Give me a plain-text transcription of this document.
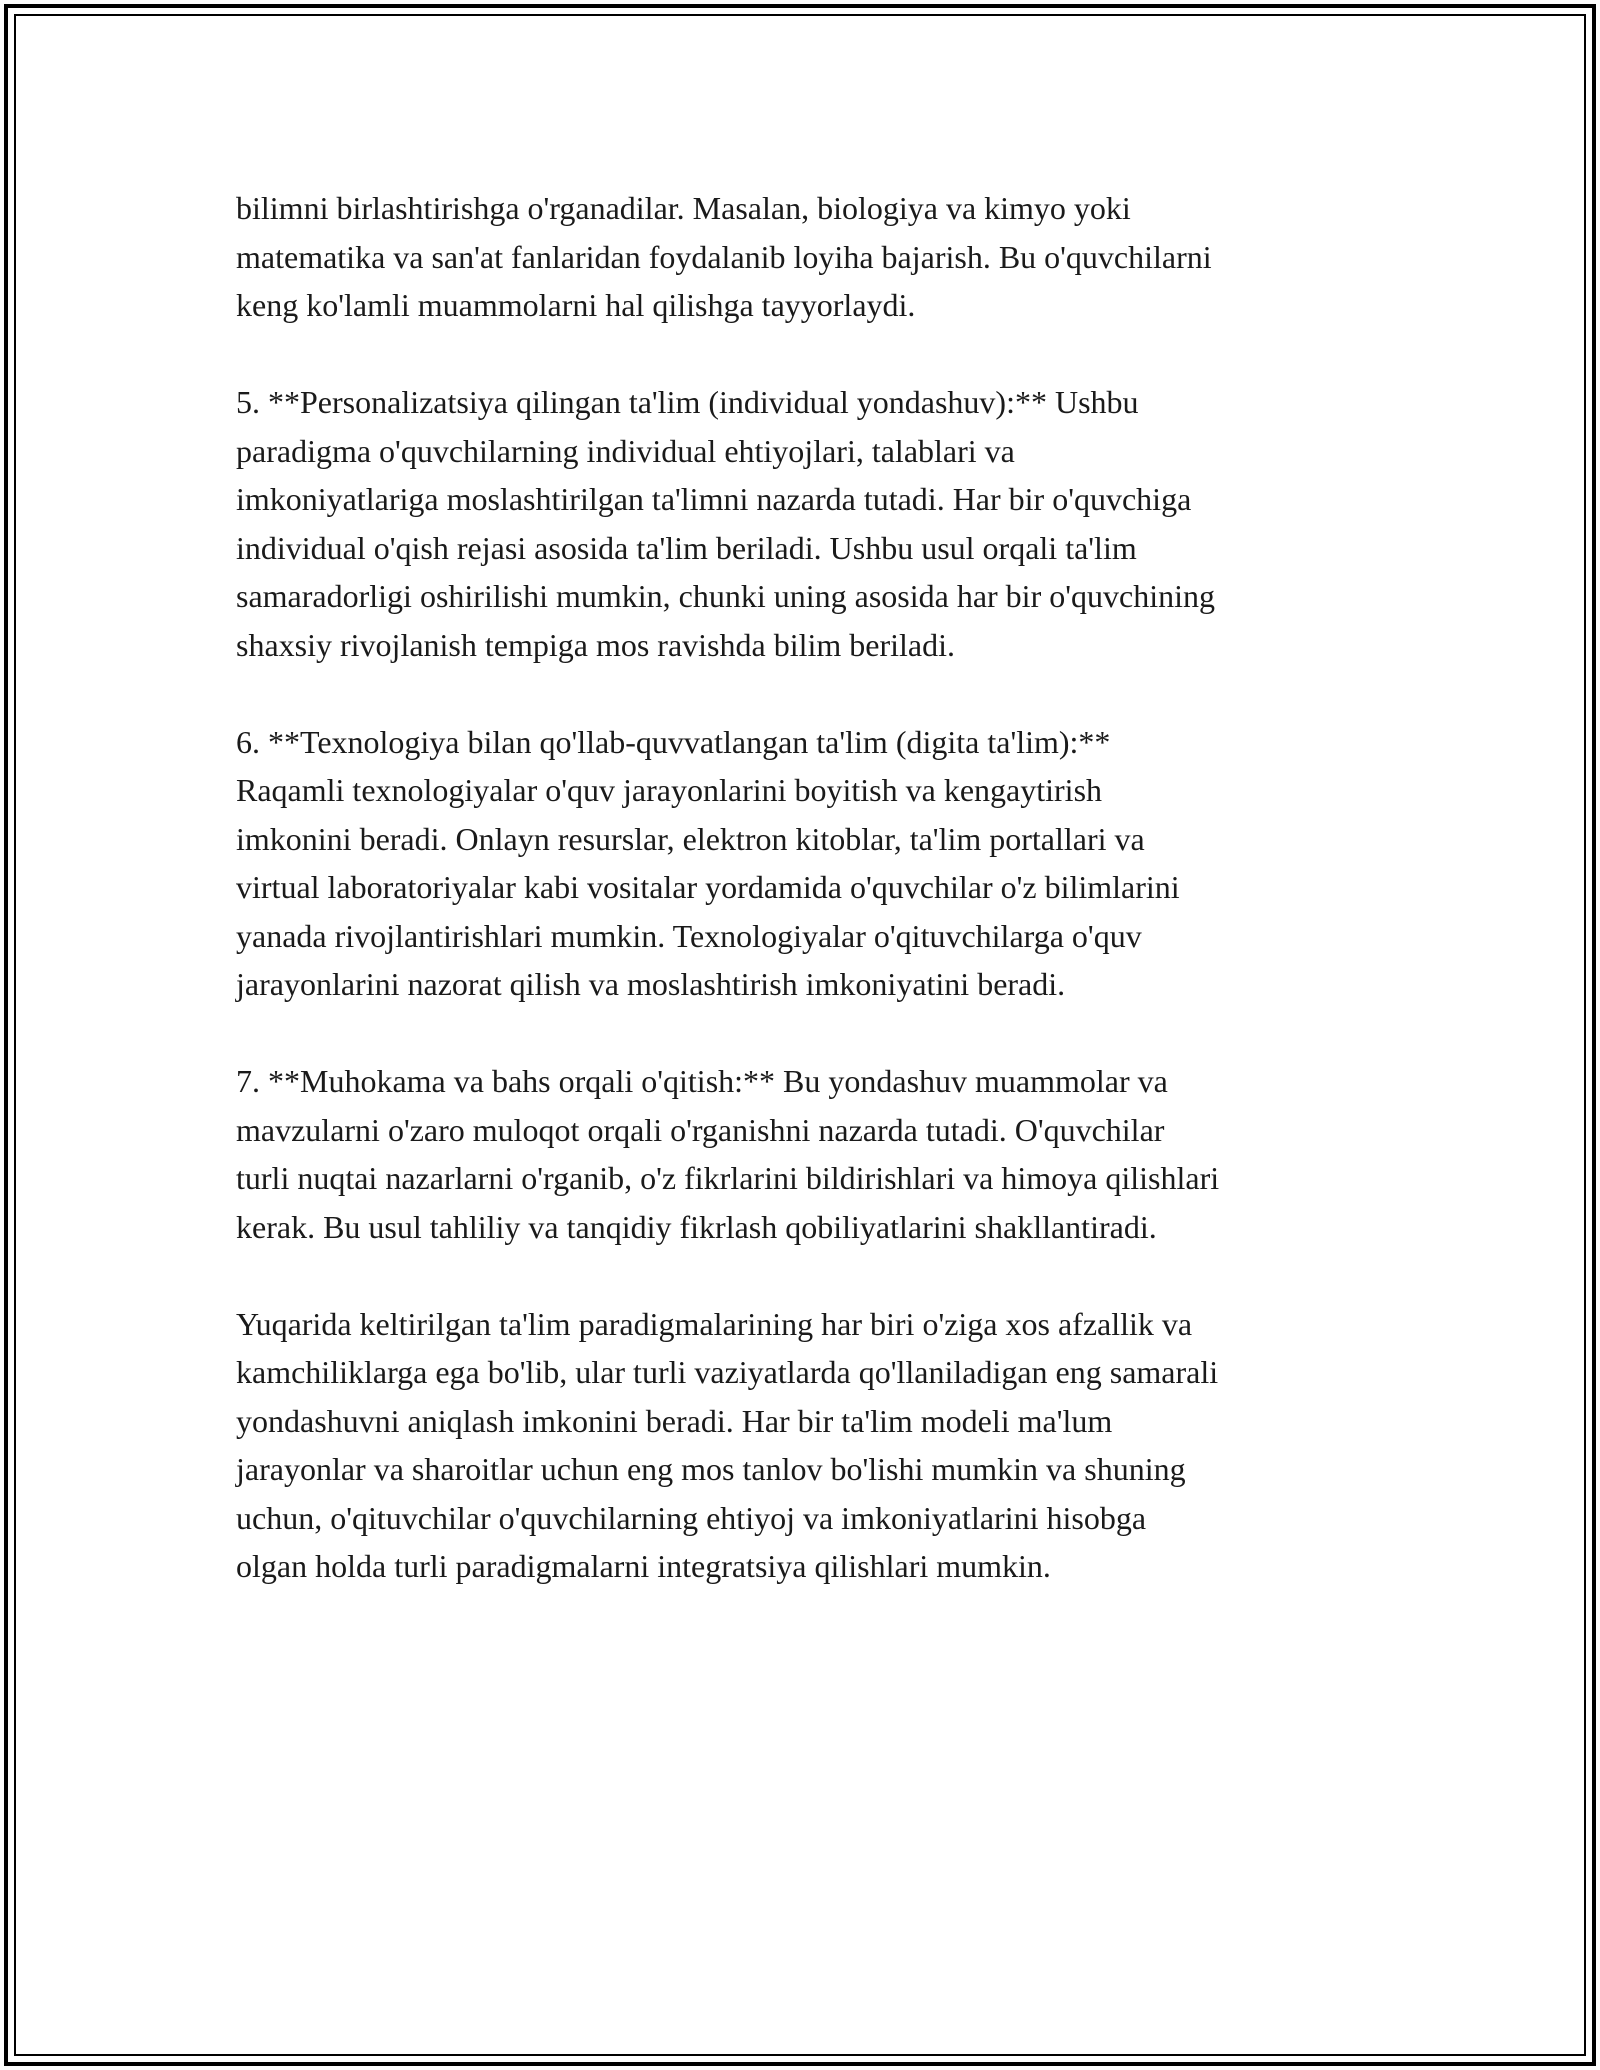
bilimni birlashtirishga o'rganadilar. Masalan, biologiya va kimyo yoki
matematika va san'at fanlaridan foydalanib loyiha bajarish. Bu o'quvchilarni
keng ko'lamli muammolarni hal qilishga tayyorlaydi.

5. **Personalizatsiya qilingan ta'lim (individual yondashuv):** Ushbu
paradigma o'quvchilarning individual ehtiyojlari, talablari va
imkoniyatlariga moslashtirilgan ta'limni nazarda tutadi. Har bir o'quvchiga
individual o'qish rejasi asosida ta'lim beriladi. Ushbu usul orqali ta'lim
samaradorligi oshirilishi mumkin, chunki uning asosida har bir o'quvchining
shaxsiy rivojlanish tempiga mos ravishda bilim beriladi.

6. **Texnologiya bilan qo'llab-quvvatlangan ta'lim (digita ta'lim):**
Raqamli texnologiyalar o'quv jarayonlarini boyitish va kengaytirish
imkonini beradi. Onlayn resurslar, elektron kitoblar, ta'lim portallari va
virtual laboratoriyalar kabi vositalar yordamida o'quvchilar o'z bilimlarini
yanada rivojlantirishlari mumkin. Texnologiyalar o'qituvchilarga o'quv
jarayonlarini nazorat qilish va moslashtirish imkoniyatini beradi.

7. **Muhokama va bahs orqali o'qitish:** Bu yondashuv muammolar va
mavzularni o'zaro muloqot orqali o'rganishni nazarda tutadi. O'quvchilar
turli nuqtai nazarlarni o'rganib, o'z fikrlarini bildirishlari va himoya qilishlari
kerak. Bu usul tahliliy va tanqidiy fikrlash qobiliyatlarini shakllantiradi.

Yuqarida keltirilgan ta'lim paradigmalarining har biri o'ziga xos afzallik va
kamchiliklarga ega bo'lib, ular turli vaziyatlarda qo'llaniladigan eng samarali
yondashuvni aniqlash imkonini beradi. Har bir ta'lim modeli ma'lum
jarayonlar va sharoitlar uchun eng mos tanlov bo'lishi mumkin va shuning
uchun, o'qituvchilar o'quvchilarning ehtiyoj va imkoniyatlarini hisobga
olgan holda turli paradigmalarni integratsiya qilishlari mumkin.
